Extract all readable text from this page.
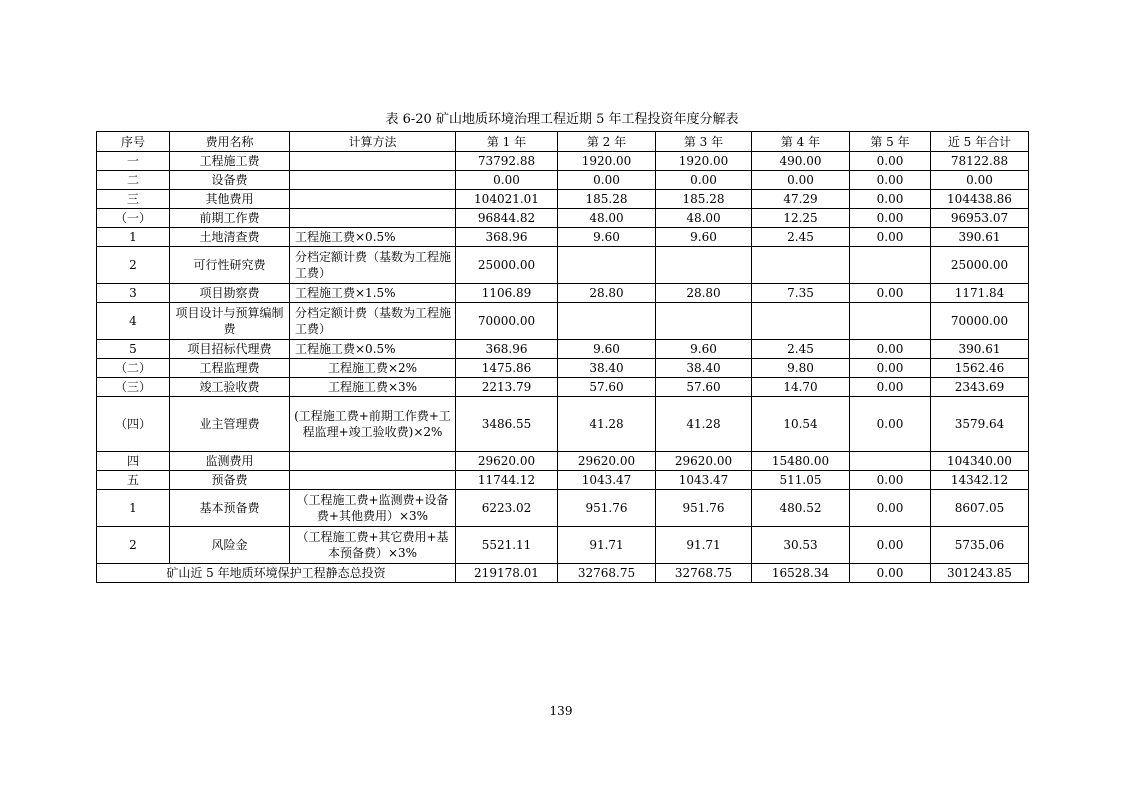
表 6-20 矿山地质环境治理工程近期 5 年工程投资年度分解表
序号	费用名称	计算方法	第 1 年	第 2 年	第 3 年	第 4 年	第 5 年	近 5 年合计
一	工程施工费		73792.88	1920.00	1920.00	490.00	0.00	78122.88
二	设备费		0.00	0.00	0.00	0.00	0.00	0.00
三	其他费用		104021.01	185.28	185.28	47.29	0.00	104438.86
（一）	前期工作费		96844.82	48.00	48.00	12.25	0.00	96953.07
1	土地清查费	工程施工费×0.5%	368.96	9.60	9.60	2.45	0.00	390.61
2	可行性研究费	分档定额计费（基数为工程施工费）	25000.00					25000.00
3	项目勘察费	工程施工费×1.5%	1106.89	28.80	28.80	7.35	0.00	1171.84
4	项目设计与预算编制费	分档定额计费（基数为工程施工费）	70000.00					70000.00
5	项目招标代理费	工程施工费×0.5%	368.96	9.60	9.60	2.45	0.00	390.61
（二）	工程监理费	工程施工费×2%	1475.86	38.40	38.40	9.80	0.00	1562.46
（三）	竣工验收费	工程施工费×3%	2213.79	57.60	57.60	14.70	0.00	2343.69
（四）	业主管理费	(工程施工费+前期工作费+工程监理+竣工验收费)×2%	3486.55	41.28	41.28	10.54	0.00	3579.64
四	监测费用		29620.00	29620.00	29620.00	15480.00		104340.00
五	预备费		11744.12	1043.47	1043.47	511.05	0.00	14342.12
1	基本预备费	（工程施工费+监测费+设备费+其他费用）×3%	6223.02	951.76	951.76	480.52	0.00	8607.05
2	风险金	（工程施工费+其它费用+基本预备费）×3%	5521.11	91.71	91.71	30.53	0.00	5735.06
矿山近 5 年地质环境保护工程静态总投资			219178.01	32768.75	32768.75	16528.34	0.00	301243.85
139
